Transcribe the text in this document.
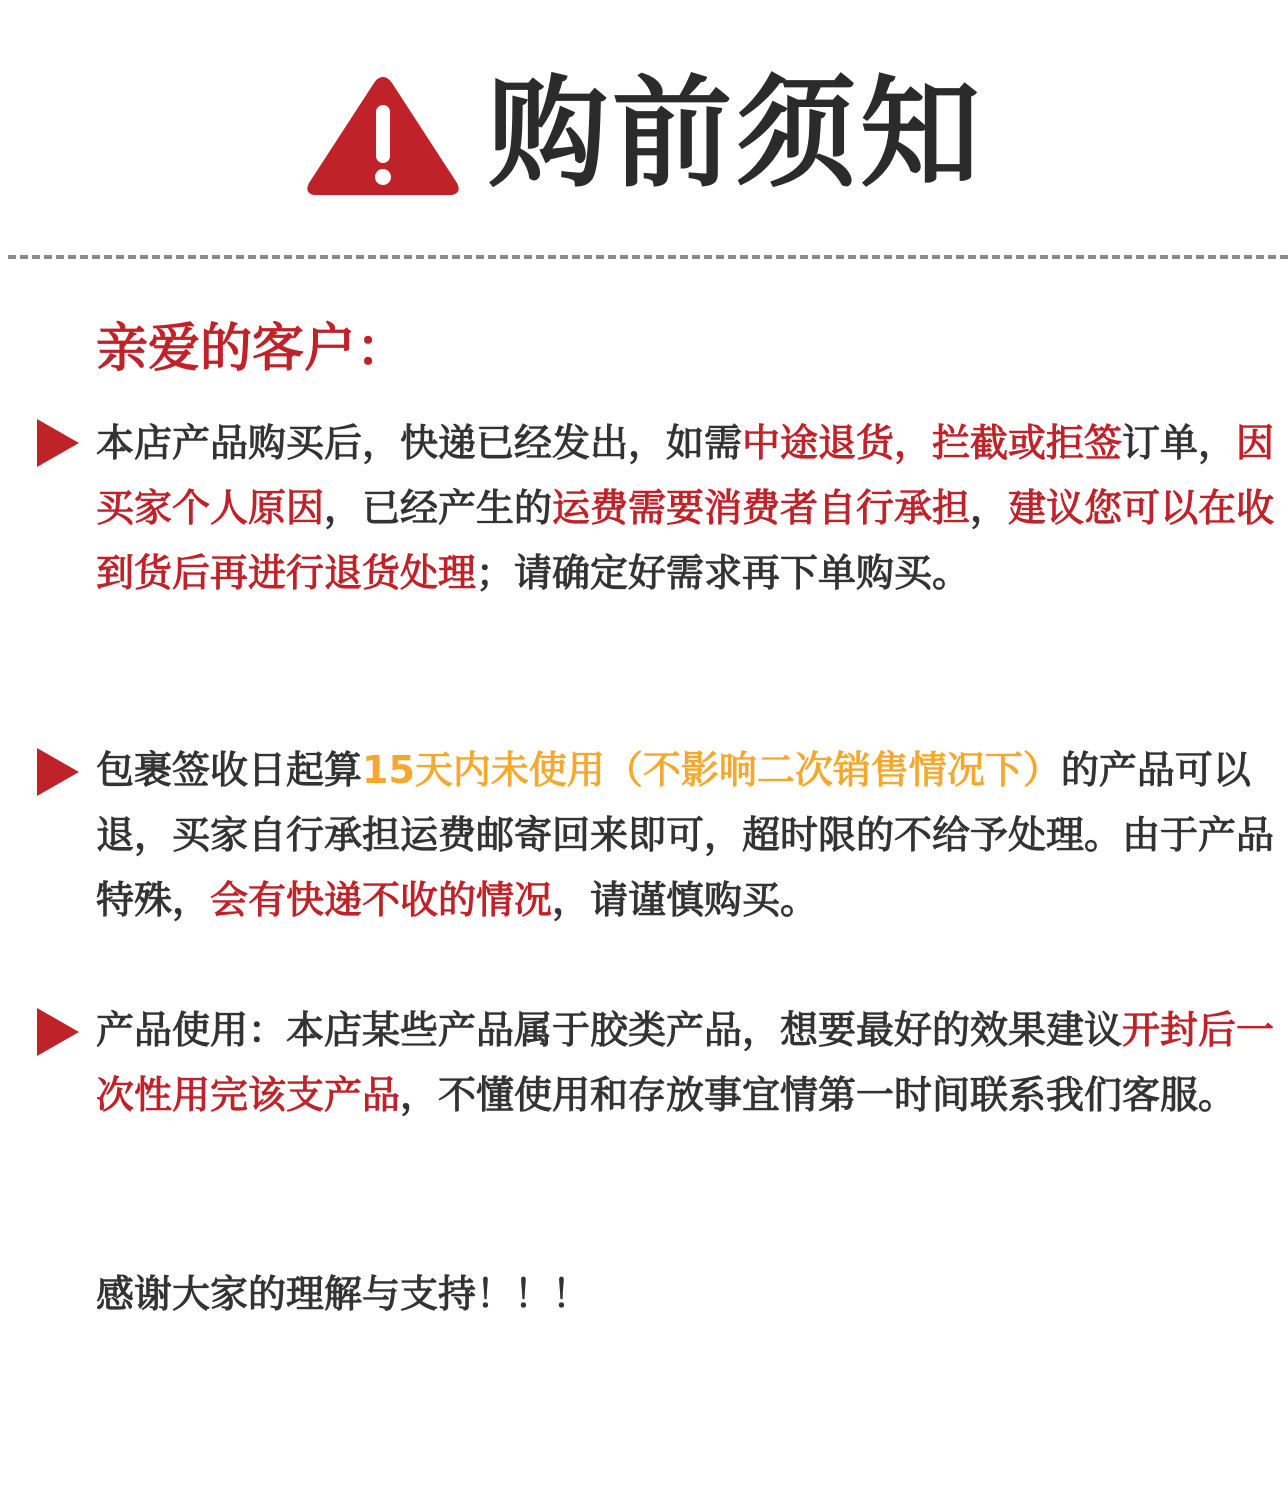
购前须知
亲爱的客户：
本店产品购买后，快递已经发出，如需中途退货，拦截或拒签订单，因买家个人原因，已经产生的运费需要消费者自行承担，建议您可以在收到货后再进行退货处理；请确定好需求再下单购买。
包裹签收日起算15天内未使用（不影响二次销售情况下）的产品可以退，买家自行承担运费邮寄回来即可，超时限的不给予处理。由于产品特殊，会有快递不收的情况，请谨慎购买。
产品使用：本店某些产品属于胶类产品，想要最好的效果建议开封后一次性用完该支产品，不懂使用和存放事宜情第一时间联系我们客服。
感谢大家的理解与支持！！！
